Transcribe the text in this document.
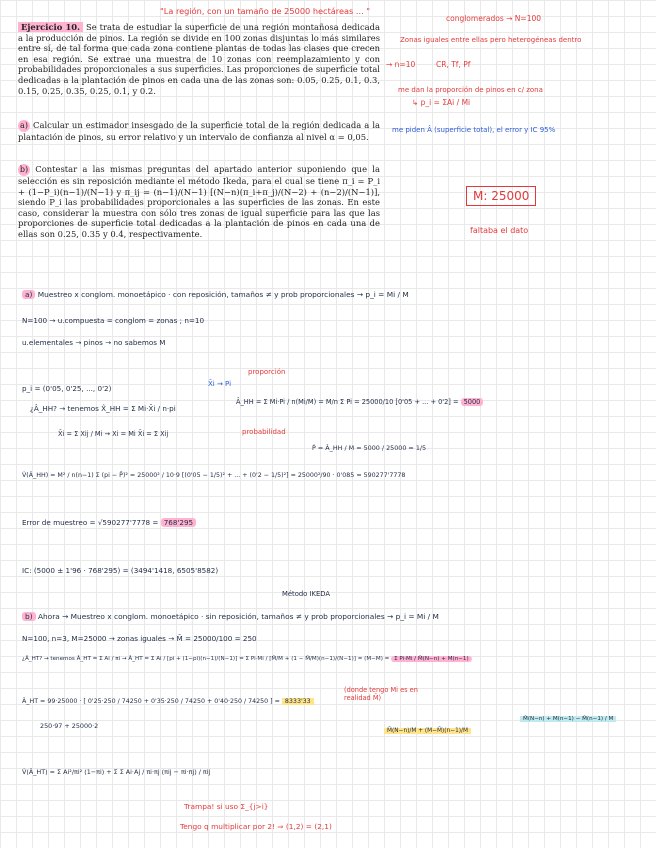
"La región, con un tamaño de 25000 hectáreas ... "

Ejercicio 10. Se trata de estudiar la superficie de una región montañosa dedicada a la producción de pinos. La región se divide en 100 zonas disjuntas lo más similares entre sí, de tal forma que cada zona contiene plantas de todas las clases que crecen en esa región. Se extrae una muestra de 10 zonas con reemplazamiento y con probabilidades proporcionales a sus superficies. Las proporciones de superficie total dedicadas a la plantación de pinos en cada una de las zonas son: 0.05, 0.25, 0.1, 0.3, 0.15, 0.25, 0.35, 0.25, 0.1, y 0.2.

a) Calcular un estimador insesgado de la superficie total de la región dedicada a la plantación de pinos, su error relativo y un intervalo de confianza al nivel α = 0,05.

b) Contestar a las mismas preguntas del apartado anterior suponiendo que la selección es sin reposición mediante el método Ikeda, para el cual se tiene π_i = P_i + (1−P_i)(n−1)/(N−1) y π_ij = (n−1)/(N−1) [(N−n)(π_i+π_j)/(N−2) + (n−2)/(N−1)], siendo P_i las probabilidades proporcionales a las superficies de las zonas. En este caso, considerar la muestra con sólo tres zonas de igual superficie para las que las proporciones de superficie total dedicadas a la plantación de pinos en cada una de ellas son 0.25, 0.35 y 0.4, respectivamente.

conglomerados → N=100
Zonas iguales entre ellas pero heterogéneas dentro
→ n=10	CR, Tf, Pf
me dan la proporción de pinos en c/ zona
↳ p_i = ΣAi / Mi
me piden Â (superficie total), el error y IC 95%
M: 25000
faltaba el dato
a) Muestreo x conglom. monoetápico · con reposición, tamaños ≠ y prob proporcionales → p_i = Mi / M
N=100 → u.compuesta = conglom = zonas ; n=10
u.elementales → pinos → no sabemos M
proporción
X̄i → Pi
p_i = (0'05, 0'25, ..., 0'2)
¿Â_HH? → tenemos X̂_HH = Σ Mi·X̄i / n·pi
Â_HH = Σ Mi·Pi / n(Mi/M) = M/n Σ Pi = 25000/10 [0'05 + ... + 0'2] = 5000
probabilidad
X̄i = Σ Xij / Mi → Xi = Mi X̄i = Σ Xij
P̂ = Â_HH / M = 5000 / 25000 = 1/5
V̂(Â_HH) = M² / n(n−1) Σ (pi − P̄)² = 25000² / 10·9 [(0'05 − 1/5)² + ... + (0'2 − 1/5)²] = 25000²/90 · 0'085 = 590277'7778
Error de muestreo = √590277'7778 = 768'295
IC: (5000 ± 1'96 · 768'295) = (3494'1418, 6505'8582)
Método IKEDA
b) Ahora → Muestreo x conglom. monoetápico · sin reposición, tamaños ≠ y prob proporcionales → p_i = Mi / M
N=100, n=3, M=25000 → zonas iguales → M̄ = 25000/100 = 250
¿Â_HT? → tenemos Â_HT = Σ Ai / πi → Â_HT = Σ Ai / [pi + (1−pi)(n−1)/(N−1)] = Σ Pi·Mi / [M̄/M + (1 − M̄/M)(n−1)/(N−1)] = (M−M) = Σ Pi·Mi / M̄(N−n) + M(n−1)
Â_HT = 99·25000 · [ 0'25·250 / 74250 + 0'35·250 / 74250 + 0'40·250 / 74250 ] = 8333'33
250·97 + 25000·2
(donde tengo Mi es en realidad M̄)
M̄(N−n)/M + (M−M̄)(n−1)/M
M̄(N−n) + M(n−1) − M̄(n−1) / M
V̂(Â_HT) = Σ Ai²/πi² (1−πi) + Σ Σ Ai·Aj / πi·πj (πij − πi·πj) / πij
Trampa! si uso Σ_{j>i}
Tengo q multiplicar por 2! ⇒ (1,2) = (2,1)
